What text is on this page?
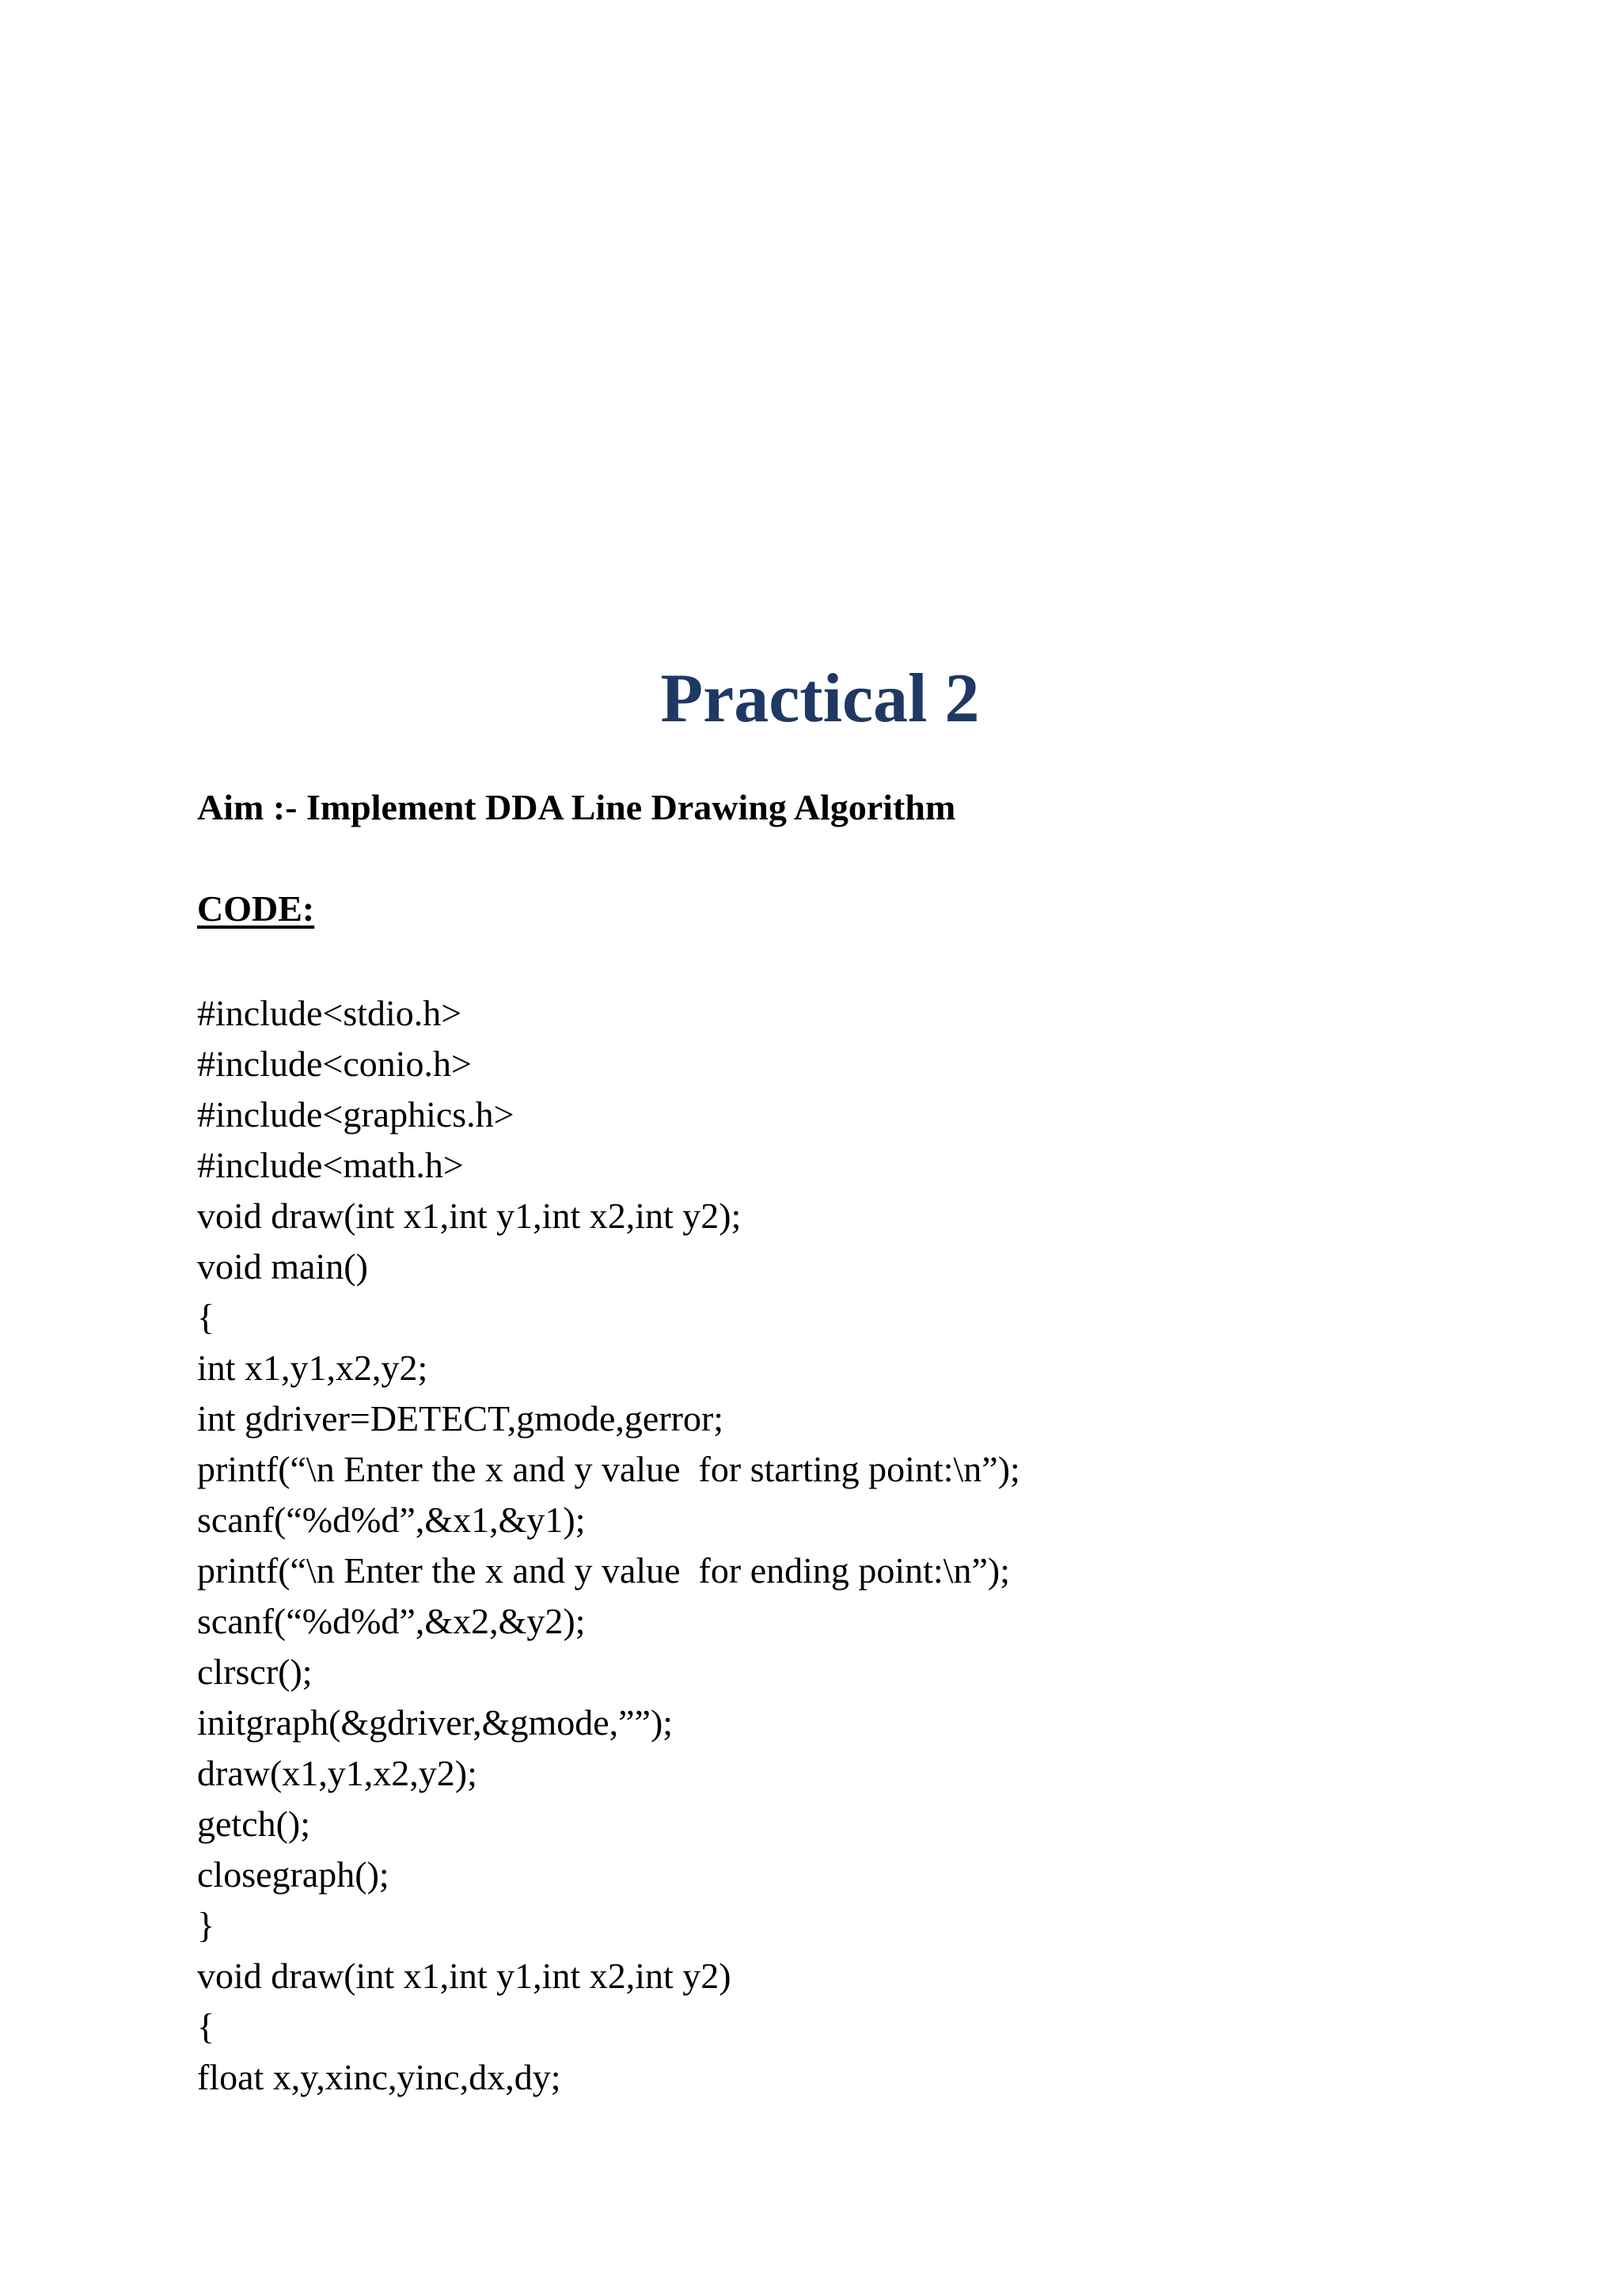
Practical 2
Aim :- Implement DDA Line Drawing Algorithm
CODE:
#include<stdio.h>
#include<conio.h>
#include<graphics.h>
#include<math.h>
void draw(int x1,int y1,int x2,int y2);
void main()
{
int x1,y1,x2,y2;
int gdriver=DETECT,gmode,gerror;
printf(“\n Enter the x and y value  for starting point:\n”);
scanf(“%d%d”,&x1,&y1);
printf(“\n Enter the x and y value  for ending point:\n”);
scanf(“%d%d”,&x2,&y2);
clrscr();
initgraph(&gdriver,&gmode,””);
draw(x1,y1,x2,y2);
getch();
closegraph();
}
void draw(int x1,int y1,int x2,int y2)
{
float x,y,xinc,yinc,dx,dy;
